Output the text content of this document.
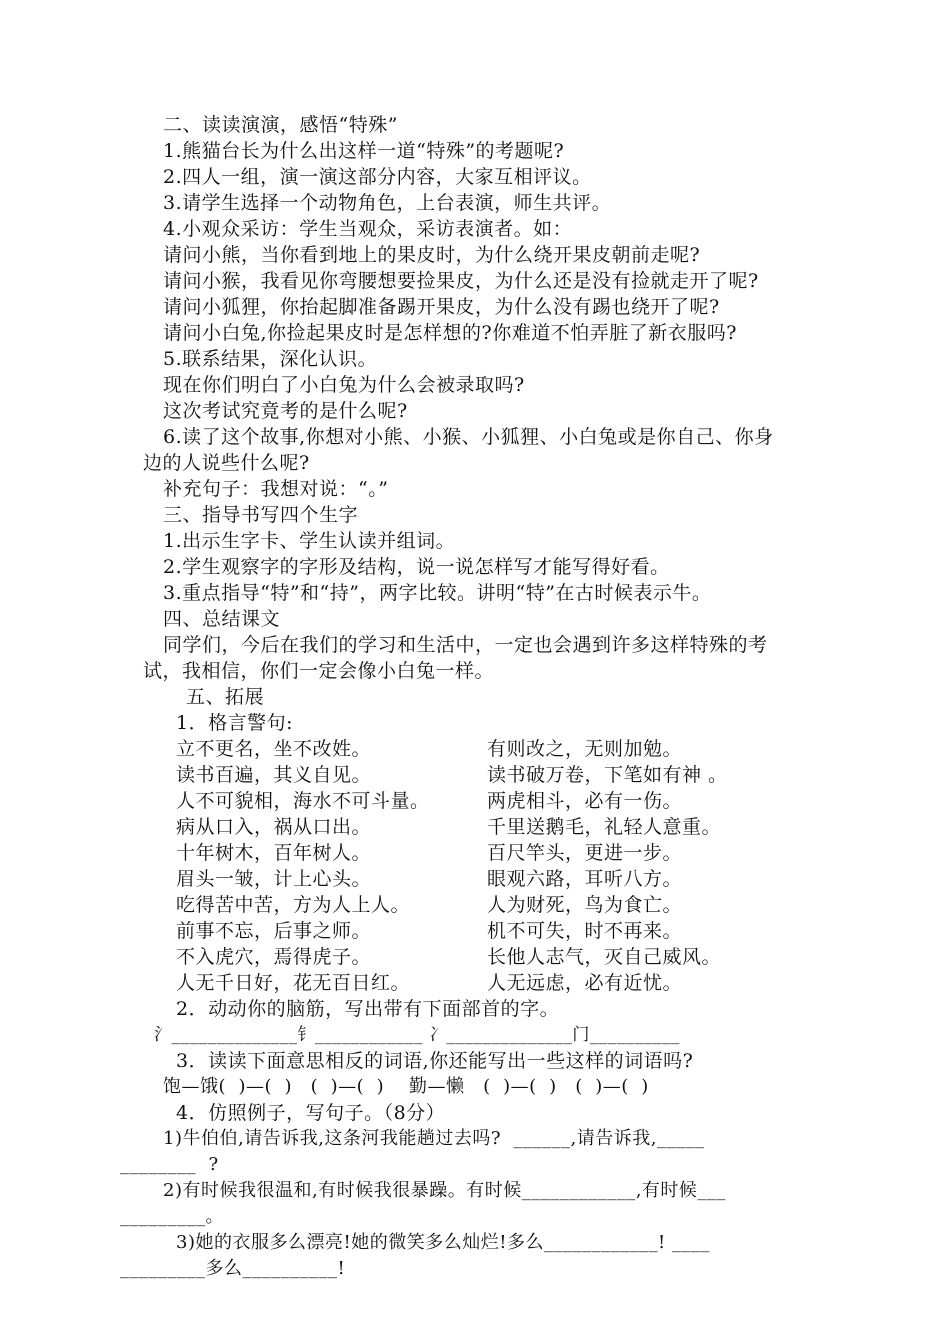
二、读读演演，感悟“特殊”
1.熊猫台长为什么出这样一道“特殊”的考题呢?
2.四人一组，演一演这部分内容，大家互相评议。
3.请学生选择一个动物角色，上台表演，师生共评。
4.小观众采访：学生当观众，采访表演者。如：
请问小熊，当你看到地上的果皮时，为什么绕开果皮朝前走呢?
请问小猴，我看见你弯腰想要捡果皮，为什么还是没有捡就走开了呢?
请问小狐狸，你抬起脚准备踢开果皮，为什么没有踢也绕开了呢?
请问小白兔,你捡起果皮时是怎样想的?你难道不怕弄脏了新衣服吗?
5.联系结果，深化认识。
现在你们明白了小白兔为什么会被录取吗?
这次考试究竟考的是什么呢?
6.读了这个故事,你想对小熊、小猴、小狐狸、小白兔或是你自己、你身
边的人说些什么呢?
补充句子：我想对说：“。”
三、指导书写四个生字
1.出示生字卡、学生认读并组词。
2.学生观察字的字形及结构，说一说怎样写才能写得好看。
3.重点指导“特”和“持”，两字比较。讲明“特”在古时候表示牛。
四、总结课文
同学们，今后在我们的学习和生活中，一定也会遇到许多这样特殊的考
试，我相信，你们一定会像小白兔一样。
五、拓展
1．格言警句:
立不更名，坐不改姓。	有则改之，无则加勉。
读书百遍，其义自见。	读书破万卷，下笔如有神 。
人不可貌相，海水不可斗量。	两虎相斗，必有一伤。
病从口入，祸从口出。	千里送鹅毛，礼轻人意重。
十年树木，百年树人。	百尺竿头，更进一步。
眉头一皱，计上心头。	眼观六路，耳听八方。
吃得苦中苦，方为人上人。	人为财死，鸟为食亡。
前事不忘，后事之师。	机不可失，时不再来。
不入虎穴，焉得虎子。	长他人志气，灭自己威风。
人无千日好，花无百日红。	人无远虑，必有近忧。
2．动动你的脑筋，写出带有下面部首的字。
氵______________钅____________ 冫______________门__________
3．读读下面意思相反的词语,你还能写出一些这样的词语吗?
饱—饿(  )—(  )   (  )—(  )    勤—懒   (  )—(  )   (  )—(  )
4．仿照例子，写句子。（8分）
1)牛伯伯,请告诉我,这条河我能趟过去吗?  ______,请告诉我,_____
________  ?
2)有时候我很温和,有时候我很暴躁。有时候____________,有时候___
_________。
3)她的衣服多么漂亮!她的微笑多么灿烂!多么____________! ____
_________多么__________!
